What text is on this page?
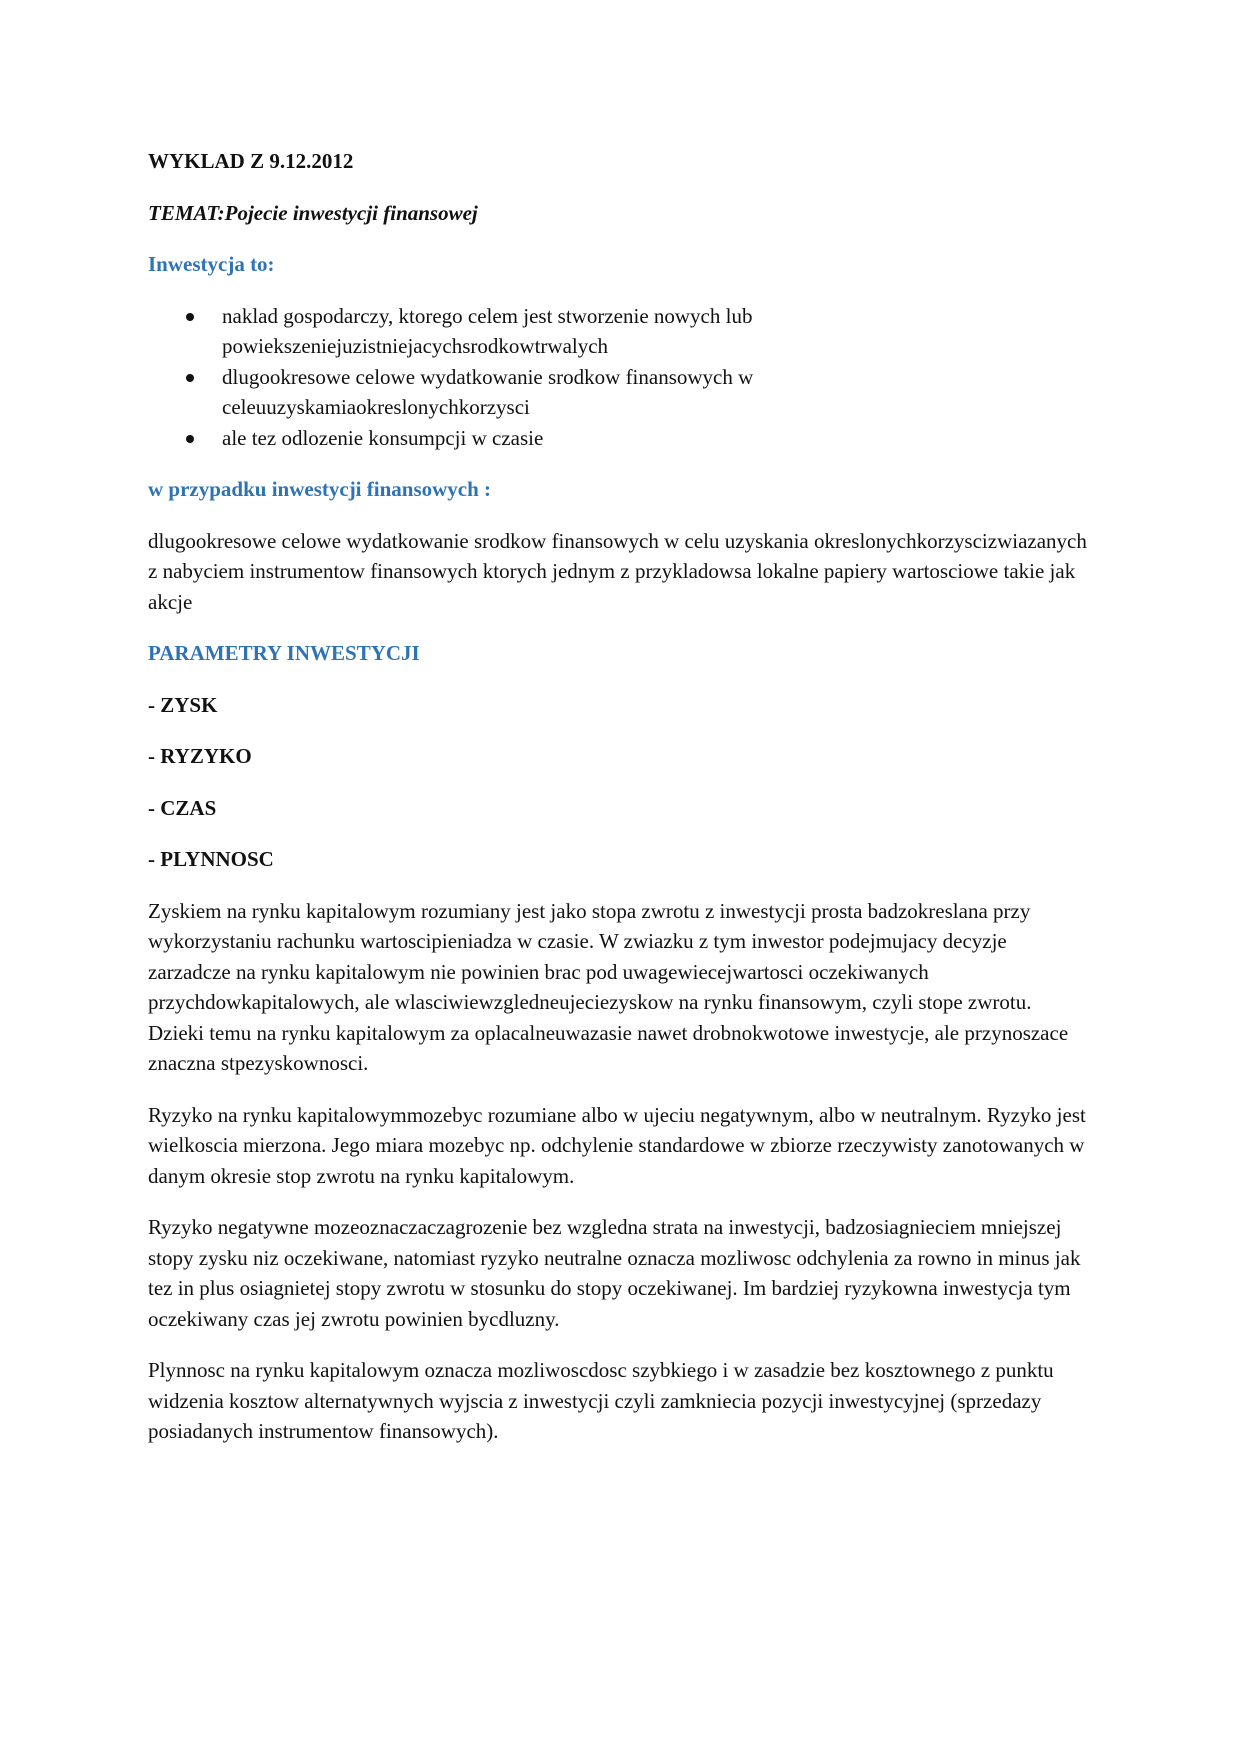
WYKLAD Z 9.12.2012
TEMAT:Pojecie inwestycji finansowej
Inwestycja to:
naklad gospodarczy, ktorego celem jest stworzenie nowych lub powiekszeniejuzistniejacychsrodkowtrwalych
dlugookresowe celowe wydatkowanie srodkow finansowych w celeuuzyskamiaokreslonychkorzysci
ale tez odlozenie konsumpcji w czasie
w przypadku inwestycji finansowych :

dlugookresowe celowe wydatkowanie srodkow finansowych w celu uzyskania okreslonychkorzyscizwiazanych z nabyciem instrumentow finansowych ktorych jednym z przykladowsa lokalne papiery wartosciowe takie jak akcje

PARAMETRY INWESTYCJI
- ZYSK
- RYZYKO
- CZAS
- PLYNNOSC

Zyskiem na rynku kapitalowym rozumiany jest jako stopa zwrotu z inwestycji prosta badzokreslana przy wykorzystaniu rachunku wartoscipieniadza w czasie. W zwiazku z tym inwestor podejmujacy decyzje zarzadcze na rynku kapitalowym nie powinien brac pod uwagewiecejwartosci oczekiwanych przychdowkapitalowych, ale wlasciwiewzgledneujeciezyskow na rynku finansowym, czyli stope zwrotu. Dzieki temu na rynku kapitalowym za oplacalneuwazasie nawet drobnokwotowe inwestycje, ale przynoszace znaczna stpezyskownosci.

Ryzyko na rynku kapitalowymmozebyc rozumiane albo w ujeciu negatywnym, albo w neutralnym. Ryzyko jest wielkoscia mierzona. Jego miara mozebyc np. odchylenie standardowe w zbiorze rzeczywisty zanotowanych w danym okresie stop zwrotu na rynku kapitalowym.

Ryzyko negatywne mozeoznaczaczagrozenie bez wzgledna strata na inwestycji, badzosiagnieciem mniejszej stopy zysku niz oczekiwane, natomiast ryzyko neutralne oznacza mozliwosc odchylenia za rowno in minus jak tez in plus osiagnietej stopy zwrotu w stosunku do stopy oczekiwanej. Im bardziej ryzykowna inwestycja tym oczekiwany czas jej zwrotu powinien bycdluzny.

Plynnosc na rynku kapitalowym oznacza mozliwoscdosc szybkiego i w zasadzie bez kosztownego z punktu widzenia kosztow alternatywnych wyjscia z inwestycji czyli zamkniecia pozycji inwestycyjnej (sprzedazy posiadanych instrumentow finansowych).
